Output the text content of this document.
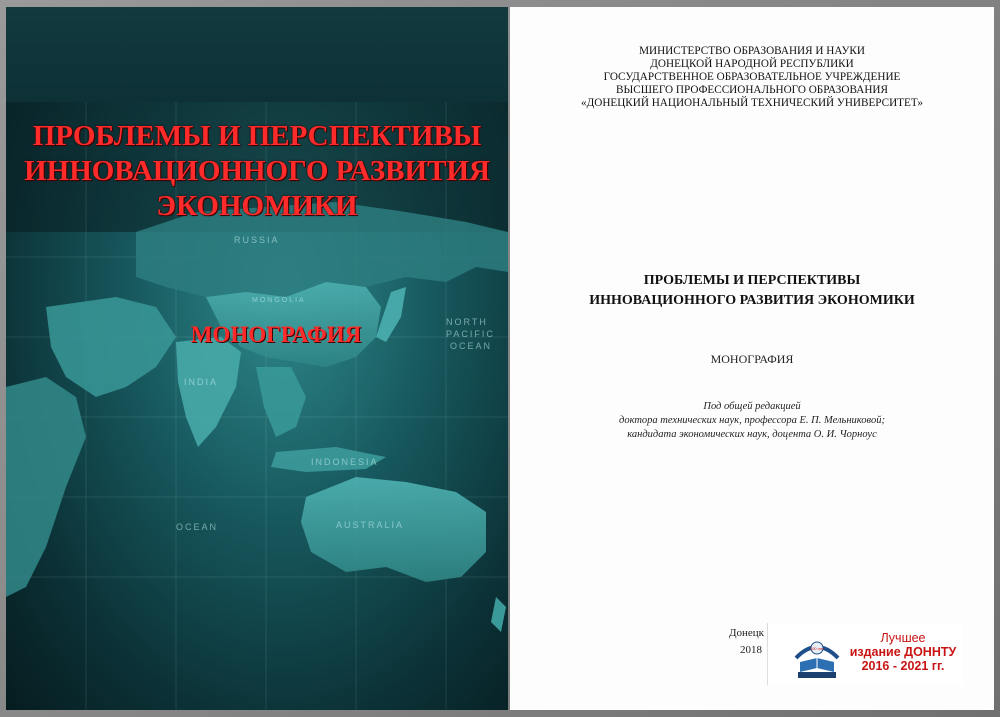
RUSSIA
MONGOLIA
INDIA
NORTH
PACIFIC
OCEAN
INDONESIA
AUSTRALIA
OCEAN
ПРОБЛЕМЫ И ПЕРСПЕКТИВЫ
ИННОВАЦИОННОГО РАЗВИТИЯ
ЭКОНОМИКИ
МОНОГРАФИЯ
МИНИСТЕРСТВО ОБРАЗОВАНИЯ И НАУКИ
ДОНЕЦКОЙ НАРОДНОЙ РЕСПУБЛИКИ
ГОСУДАРСТВЕННОЕ ОБРАЗОВАТЕЛЬНОЕ УЧРЕЖДЕНИЕ
ВЫСШЕГО ПРОФЕССИОНАЛЬНОГО ОБРАЗОВАНИЯ
«ДОНЕЦКИЙ НАЦИОНАЛЬНЫЙ ТЕХНИЧЕСКИЙ УНИВЕРСИТЕТ»
ПРОБЛЕМЫ И ПЕРСПЕКТИВЫ
ИННОВАЦИОННОГО РАЗВИТИЯ ЭКОНОМИКИ
МОНОГРАФИЯ
Под общей редакцией
доктора технических наук, профессора Е. П. Мельниковой;
кандидата экономических наук, доцента О. И. Чорноус
Донецк
2018	100 лет
Лучшее
издание ДОННТУ
2016 - 2021 гг.
